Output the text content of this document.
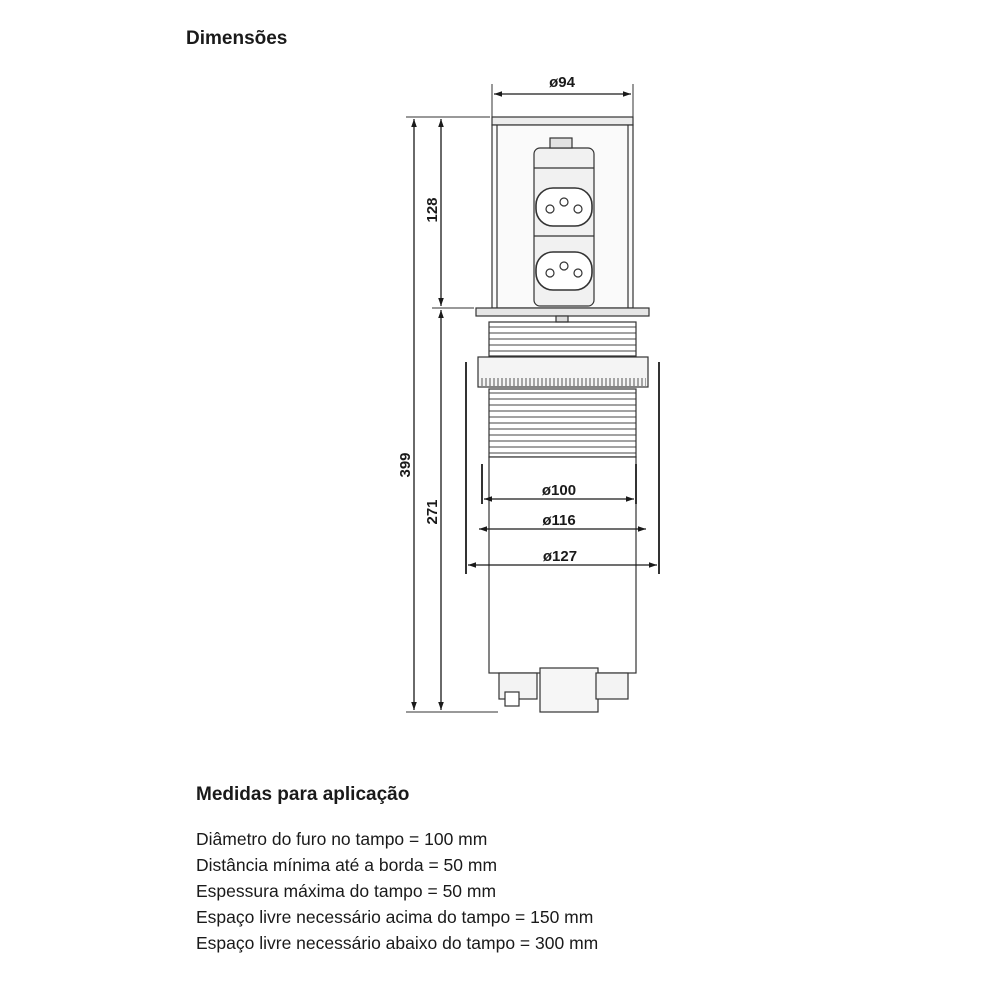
Dimensões
ø94
128
399
271
ø100
ø116
ø127
Medidas para aplicação
Diâmetro do furo no tampo = 100 mm
Distância mínima até a borda = 50 mm
Espessura máxima do tampo = 50 mm
Espaço livre necessário acima do tampo = 150 mm
Espaço livre necessário abaixo do tampo = 300 mm
